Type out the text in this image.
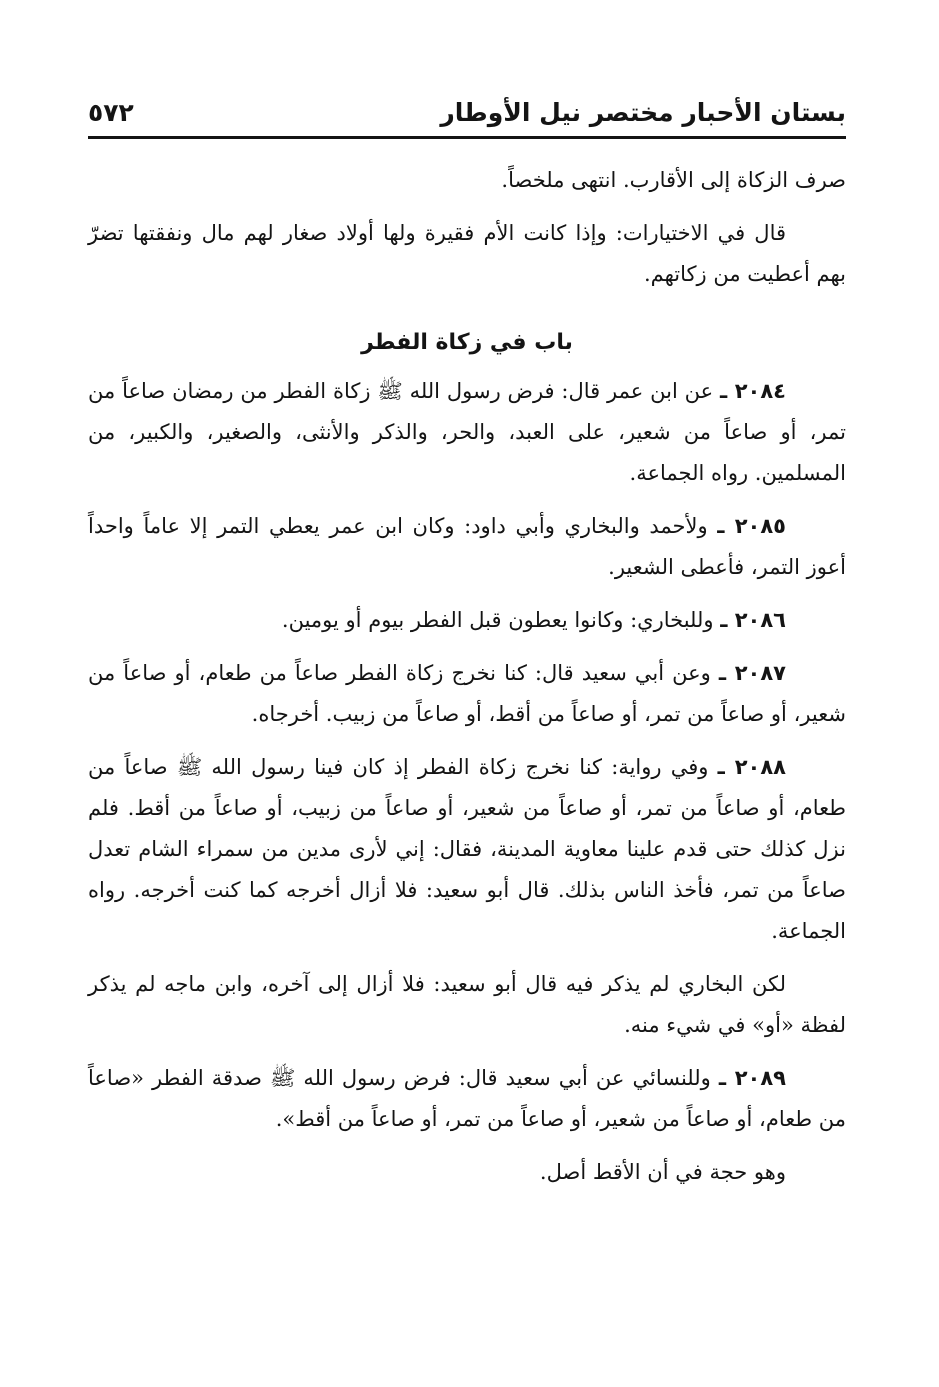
بستان الأحبار مختصر نيل الأوطار
٥٧٢

صرف الزكاة إلى الأقارب. انتهى ملخصاً.

قال في الاختيارات: وإذا كانت الأم فقيرة ولها أولاد صغار لهم مال ونفقتها تضرّ بهم أعطيت من زكاتهم.

باب في زكاة الفطر

٢٠٨٤ ـ عن ابن عمر قال: فرض رسول الله ﷺ زكاة الفطر من رمضان صاعاً من تمر، أو صاعاً من شعير، على العبد، والحر، والذكر والأنثى، والصغير، والكبير، من المسلمين. رواه الجماعة.

٢٠٨٥ ـ ولأحمد والبخاري وأبي داود: وكان ابن عمر يعطي التمر إلا عاماً واحداً أعوز التمر، فأعطى الشعير.

٢٠٨٦ ـ وللبخاري: وكانوا يعطون قبل الفطر بيوم أو يومين.

٢٠٨٧ ـ وعن أبي سعيد قال: كنا نخرج زكاة الفطر صاعاً من طعام، أو صاعاً من شعير، أو صاعاً من تمر، أو صاعاً من أقط، أو صاعاً من زبيب. أخرجاه.

٢٠٨٨ ـ وفي رواية: كنا نخرج زكاة الفطر إذ كان فينا رسول الله ﷺ صاعاً من طعام، أو صاعاً من تمر، أو صاعاً من شعير، أو صاعاً من زبيب، أو صاعاً من أقط. فلم نزل كذلك حتى قدم علينا معاوية المدينة، فقال: إني لأرى مدين من سمراء الشام تعدل صاعاً من تمر، فأخذ الناس بذلك. قال أبو سعيد: فلا أزال أخرجه كما كنت أخرجه. رواه الجماعة.

لكن البخاري لم يذكر فيه قال أبو سعيد: فلا أزال إلى آخره، وابن ماجه لم يذكر لفظة «أو» في شيء منه.

٢٠٨٩ ـ وللنسائي عن أبي سعيد قال: فرض رسول الله ﷺ صدقة الفطر «صاعاً من طعام، أو صاعاً من شعير، أو صاعاً من تمر، أو صاعاً من أقط».

وهو حجة في أن الأقط أصل.
